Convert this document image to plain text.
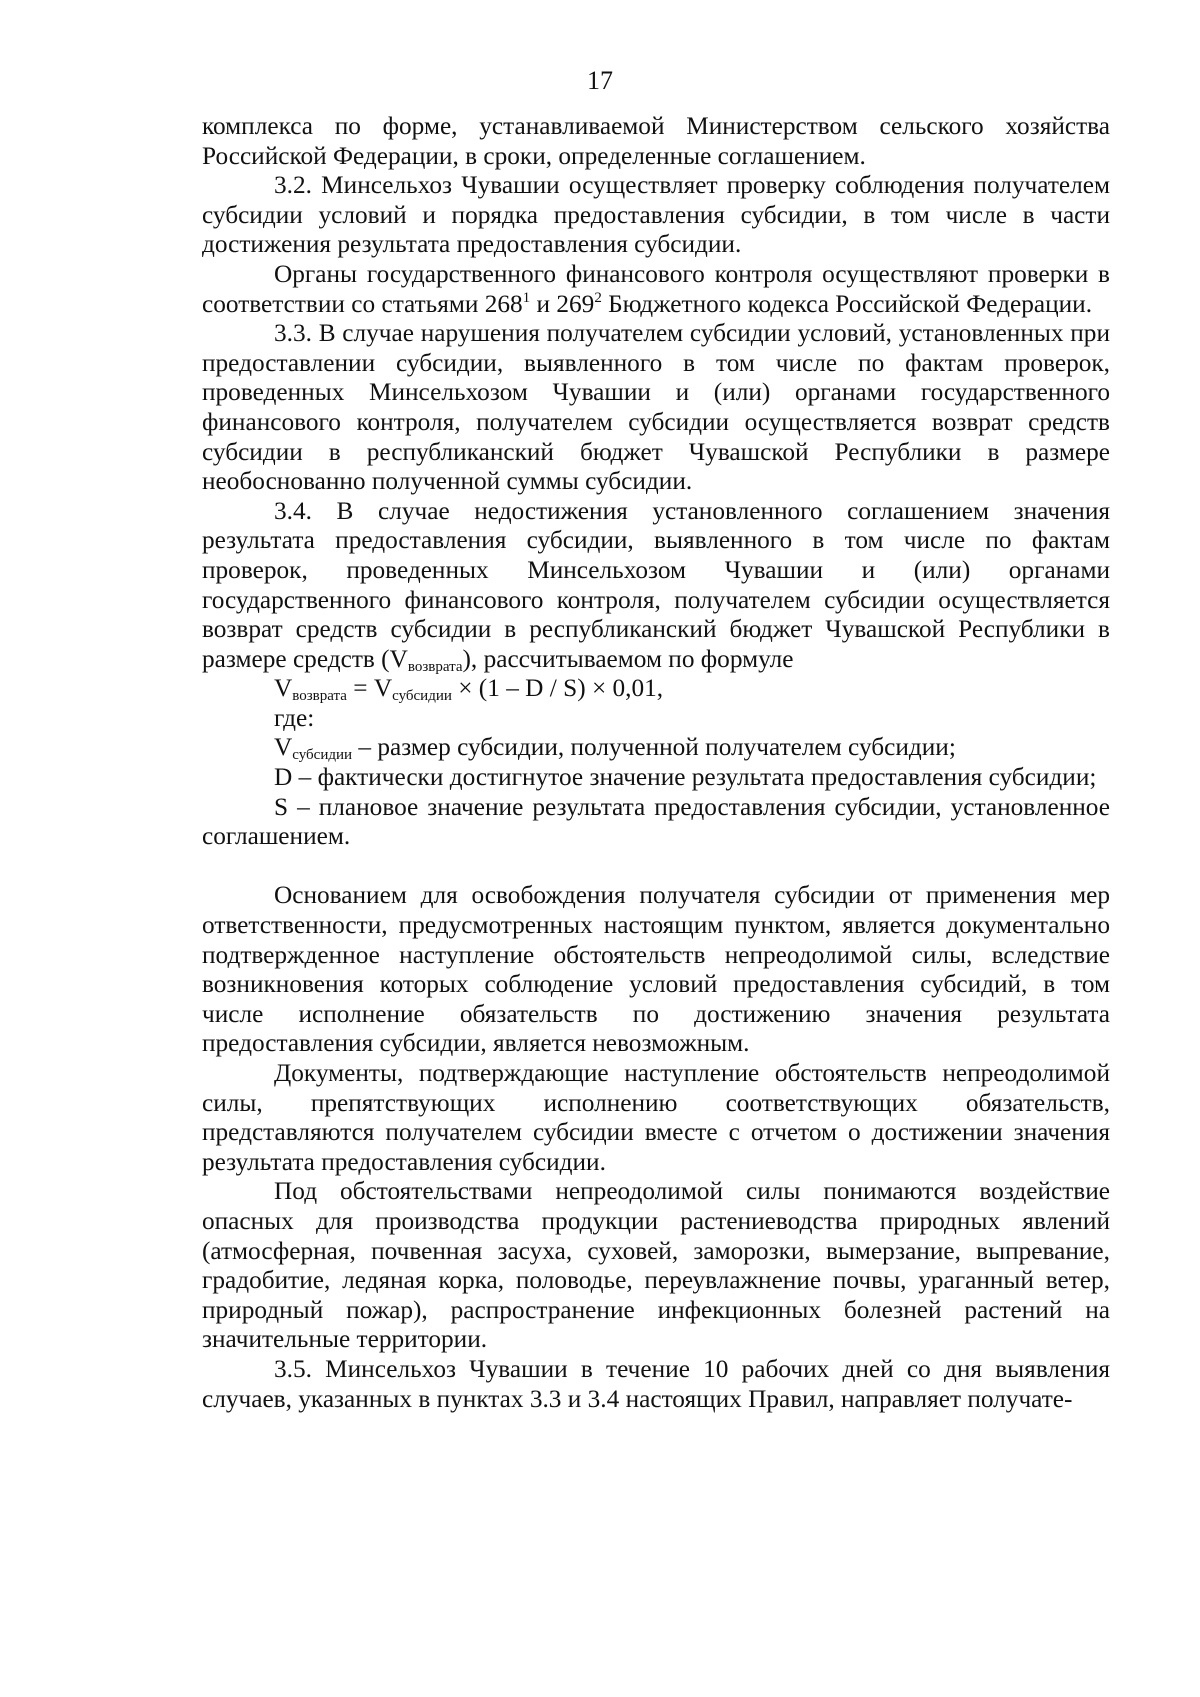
17

комплекса по форме, устанавливаемой Министерством сельского хозяйства Российской Федерации, в сроки, определенные соглашением.

3.2. Минсельхоз Чувашии осуществляет проверку соблюдения получателем субсидии условий и порядка предоставления субсидии, в том числе в части достижения результата предоставления субсидии.

Органы государственного финансового контроля осуществляют проверки в соответствии со статьями $268^1$ и $269^2$ Бюджетного кодекса Российской Федерации.

3.3. В случае нарушения получателем субсидии условий, установленных при предоставлении субсидии, выявленного в том числе по фактам проверок, проведенных Минсельхозом Чувашии и (или) органами государственного финансового контроля, получателем субсидии осуществляется возврат средств субсидии в республиканский бюджет Чувашской Республики в размере необоснованно полученной суммы субсидии.

3.4. В случае недостижения установленного соглашением значения результата предоставления субсидии, выявленного в том числе по фактам проверок, проведенных Минсельхозом Чувашии и (или) органами государственного финансового контроля, получателем субсидии осуществляется возврат средств субсидии в республиканский бюджет Чувашской Республики в размере средств $(V_{возврата})$, рассчитываемом по формуле

$V_{возврата} = V_{субсидии} \times (1 - D / S) \times 0,01$,

где:

$V_{субсидии}$ – размер субсидии, полученной получателем субсидии;

D – фактически достигнутое значение результата предоставления субсидии;

S – плановое значение результата предоставления субсидии, установленное соглашением.

Основанием для освобождения получателя субсидии от применения мер ответственности, предусмотренных настоящим пунктом, является документально подтвержденное наступление обстоятельств непреодолимой силы, вследствие возникновения которых соблюдение условий предоставления субсидий, в том числе исполнение обязательств по достижению значения результата предоставления субсидии, является невозможным.

Документы, подтверждающие наступление обстоятельств непреодолимой силы, препятствующих исполнению соответствующих обязательств, представляются получателем субсидии вместе с отчетом о достижении значения результата предоставления субсидии.

Под обстоятельствами непреодолимой силы понимаются воздействие опасных для производства продукции растениеводства природных явлений (атмосферная, почвенная засуха, суховей, заморозки, вымерзание, выпревание, градобитие, ледяная корка, половодье, переувлажнение почвы, ураганный ветер, природный пожар), распространение инфекционных болезней растений на значительные территории.

3.5. Минсельхоз Чувашии в течение 10 рабочих дней со дня выявления случаев, указанных в пунктах 3.3 и 3.4 настоящих Правил, направляет получате-
